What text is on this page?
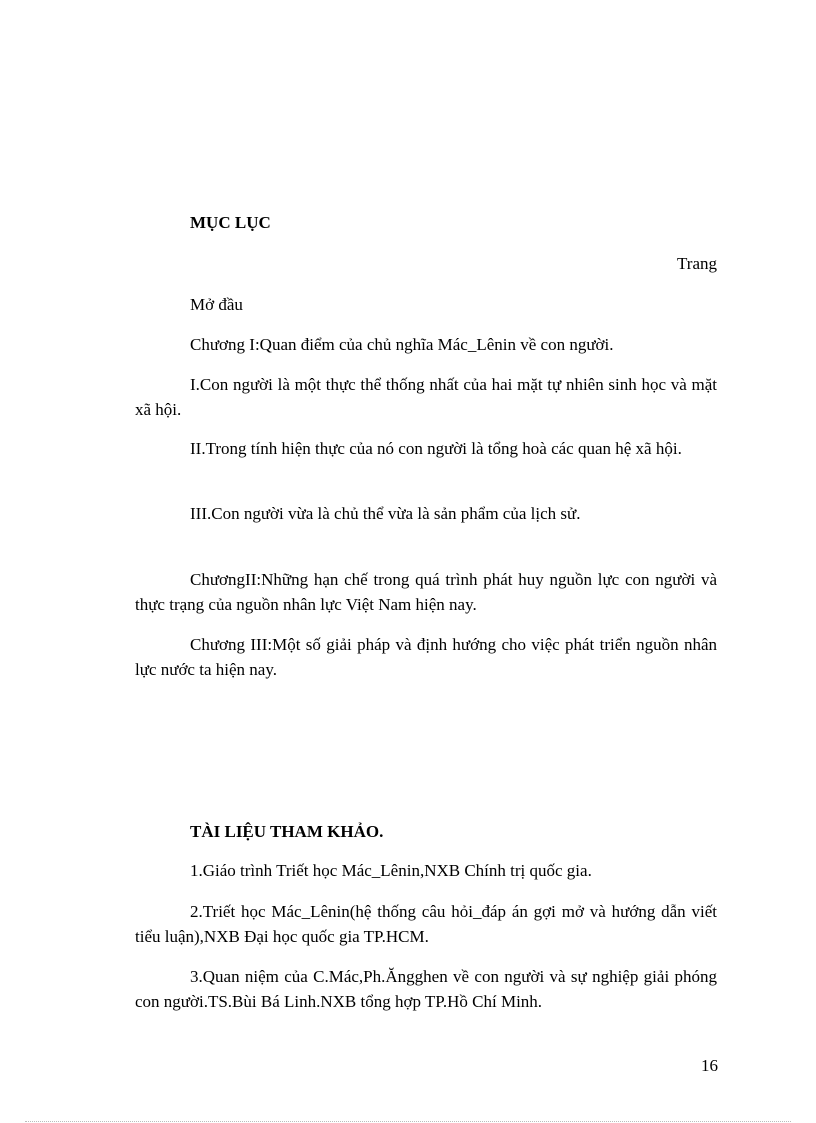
MỤC LỤC
Trang
Mở đầu
Chương I:Quan điểm của chủ nghĩa Mác_Lênin về con người.
I.Con người là một thực thể thống nhất của hai mặt tự nhiên sinh học và mặt xã hội.
II.Trong tính hiện thực của nó con người là tổng hoà các quan hệ xã hội.
III.Con người vừa là chủ thể vừa là sản phẩm của lịch sử.
ChươngII:Những hạn chế trong quá trình phát huy nguồn lực con người và thực trạng của nguồn nhân lực Việt Nam hiện nay.
Chương III:Một số giải pháp và định hướng cho việc phát triển nguồn nhân lực nước ta hiện nay.
TÀI LIỆU THAM KHẢO.
1.Giáo trình Triết học Mác_Lênin,NXB Chính trị quốc gia.
2.Triết học Mác_Lênin(hệ thống câu hỏi_đáp án gợi mở và hướng dẫn viết tiểu luận),NXB Đại học quốc gia TP.HCM.
3.Quan niệm của C.Mác,Ph.Ăngghen về con người và sự nghiệp giải phóng con người.TS.Bùi Bá Linh.NXB tổng hợp TP.Hồ Chí Minh.
16
